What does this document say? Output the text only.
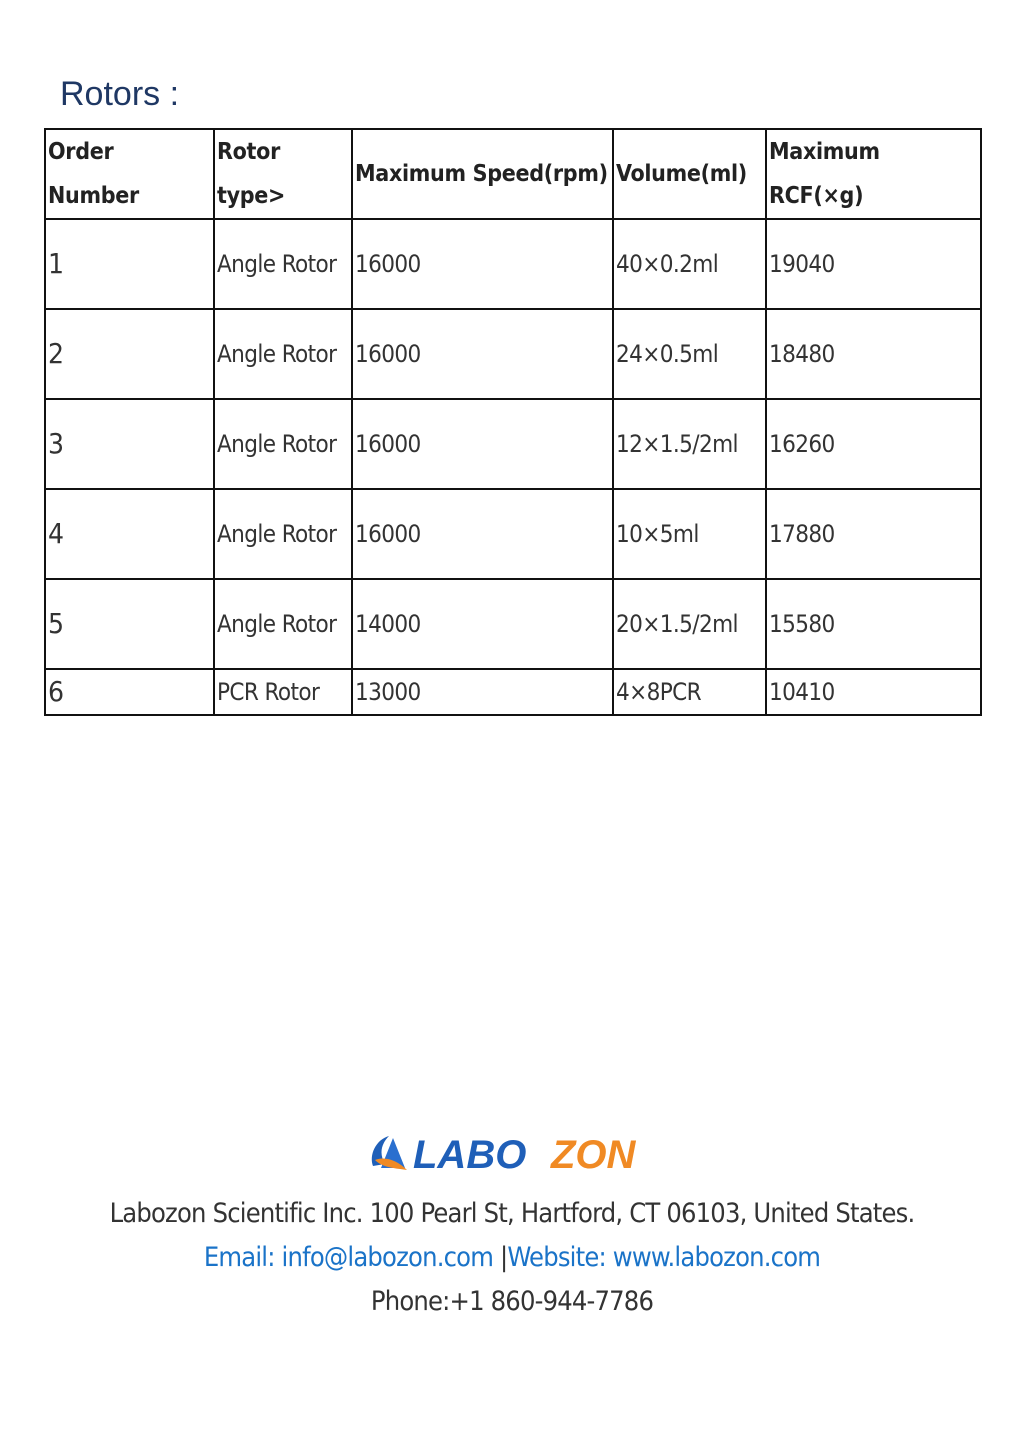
Rotors :
Order Number	Rotor type>	Maximum Speed(rpm)	Volume(ml)	Maximum RCF(×g)
1	Angle Rotor	16000	40×0.2ml	19040
2	Angle Rotor	16000	24×0.5ml	18480
3	Angle Rotor	16000	12×1.5/2ml	16260
4	Angle Rotor	16000	10×5ml	17880
5	Angle Rotor	14000	20×1.5/2ml	15580
6	PCR Rotor	13000	4×8PCR	10410
LABO ZON
Labozon Scientific Inc. 100 Pearl St, Hartford, CT 06103, United States.
Email: info@labozon.com |Website: www.labozon.com
Phone:+1 860-944-7786
